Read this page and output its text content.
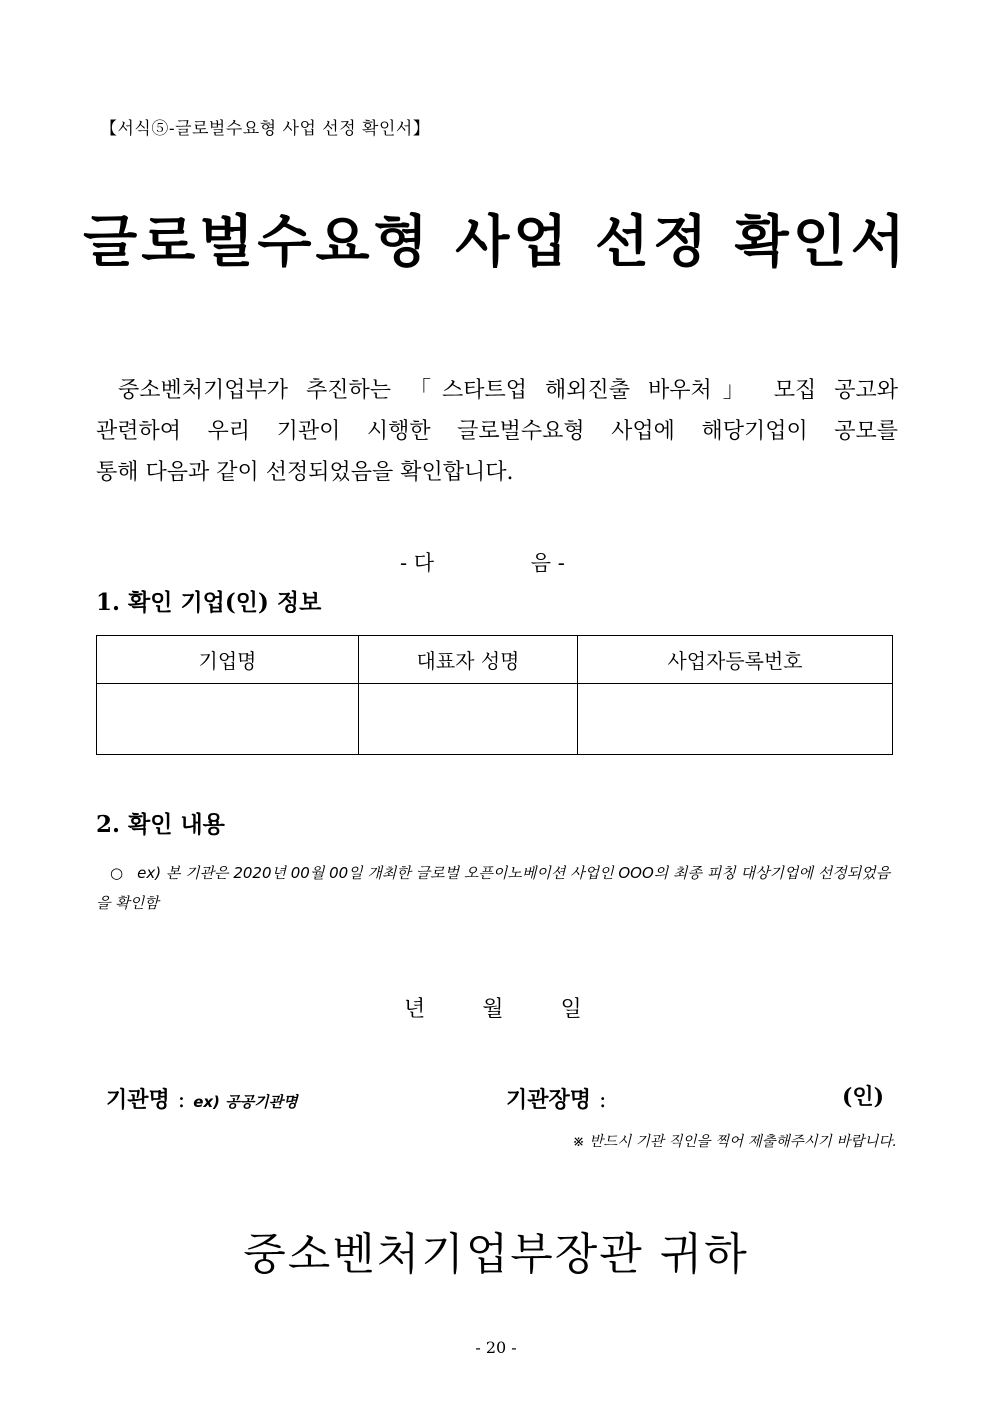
【서식⑤-글로벌수요형 사업 선정 확인서】
글로벌수요형 사업 선정 확인서
중소벤처기업부가 추진하는 「스타트업 해외진출 바우처」 모집 공고와
관련하여 우리 기관이 시행한 글로벌수요형 사업에 해당기업이 공모를
통해 다음과 같이 선정되었음을 확인합니다.
- 다	음 -
1. 확인 기업(인) 정보
기업명	대표자 성명	사업자등록번호

2. 확인 내용
○ ex) 본 기관은 2020년 00월 00일 개최한 글로벌 오픈이노베이션 사업인 OOO의 최종 피칭 대상기업에 선정되었음을 확인함
년	월	일
기관명 : ex) 공공기관명	기관장명 :	(인)
※ 반드시 기관 직인을 찍어 제출해주시기 바랍니다.
중소벤처기업부장관 귀하
- 20 -
